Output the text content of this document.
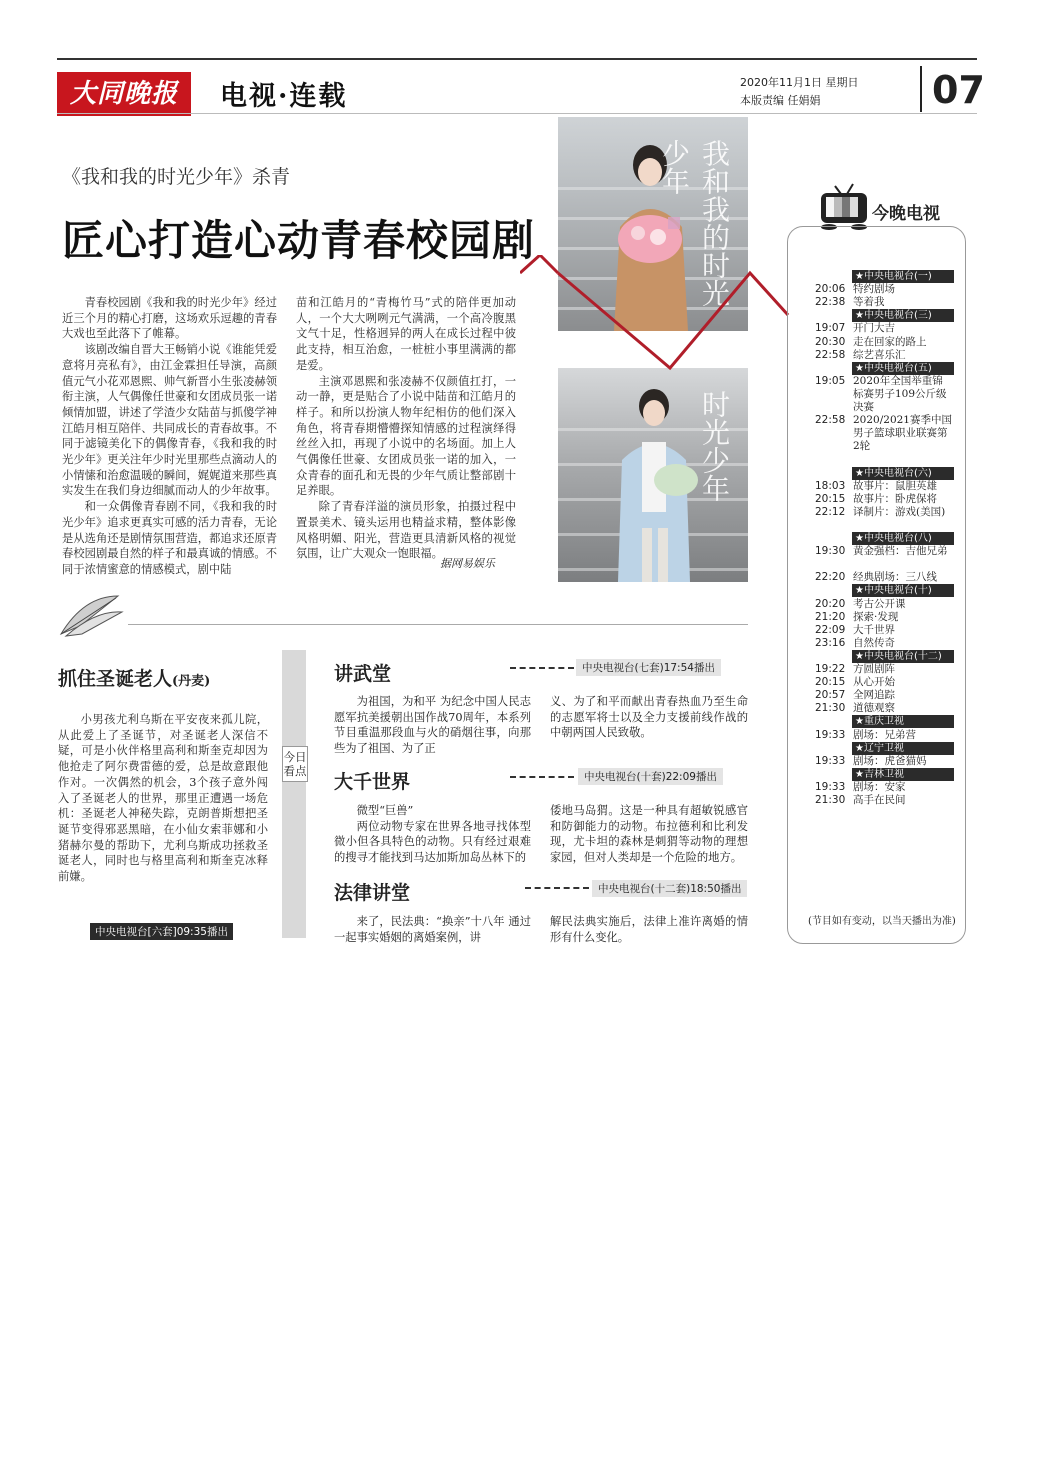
大同晚报	电视·连载	2020年11月1日 星期日
本版责编 任娟娟	07
《我和我的时光少年》杀青
匠心打造心动青春校园剧

青春校园剧《我和我的时光少年》经过近三个月的精心打磨，这场欢乐逗趣的青春大戏也至此落下了帷幕。

该剧改编自晋大王畅销小说《谁能凭爱意将月亮私有》，由江金霖担任导演，高颜值元气小花邓恩熙、帅气新晋小生张凌赫领衔主演，人气偶像任世豪和女团成员张一诺倾情加盟，讲述了学渣少女陆苗与抓傻学神江皓月相互陪伴、共同成长的青春故事。不同于滤镜美化下的偶像青春，《我和我的时光少年》更关注年少时光里那些点滴动人的小情愫和治愈温暖的瞬间，娓娓道来那些真实发生在我们身边细腻而动人的少年故事。

和一众偶像青春剧不同，《我和我的时光少年》追求更真实可感的活力青春，无论是从选角还是剧情氛围营造，都追求还原青春校园剧最自然的样子和最真诚的情感。不同于浓情蜜意的情感模式，剧中陆

苗和江皓月的“青梅竹马”式的陪伴更加动人，一个大大咧咧元气满满，一个高冷腹黑文气十足，性格迥异的两人在成长过程中彼此支持，相互治愈，一桩桩小事里满满的都是爱。

主演邓恩熙和张凌赫不仅颜值扛打，一动一静，更是贴合了小说中陆苗和江皓月的样子。和所以扮演人物年纪相仿的他们深入角色，将青春期懵懵探知情感的过程演绎得丝丝入扣，再现了小说中的名场面。加上人气偶像任世豪、女团成员张一诺的加入，一众青春的面孔和无畏的少年气质让整部剧十足养眼。

除了青春洋溢的演员形象，拍摄过程中置景美术、镜头运用也精益求精，整体影像风格明媚、阳光，营造更具清新风格的视觉氛围，让广大观众一饱眼福。

据网易娱乐
我和我的时光少年
时光少年
抓住圣诞老人(丹麦)

小男孩尤利乌斯在平安夜来孤儿院，从此爱上了圣诞节，对圣诞老人深信不疑，可是小伙伴格里高利和斯奎克却因为他抢走了阿尔费雷德的爱，总是故意跟他作对。一次偶然的机会，3个孩子意外闯入了圣诞老人的世界，那里正遭遇一场危机：圣诞老人神秘失踪，克朗普斯想把圣诞节变得邪恶黑暗，在小仙女索菲娜和小猪赫尔曼的帮助下，尤利乌斯成功拯救圣诞老人，同时也与格里高利和斯奎克冰释前嫌。

中央电视台[六套]09:35播出
今日看点
讲武堂	中央电视台(七套)17:54播出

为祖国，为和平 为纪念中国人民志愿军抗美援朝出国作战70周年，本系列节目重温那段血与火的硝烟往事，向那些为了祖国、为了正

义、为了和平而献出青春热血乃至生命的志愿军将士以及全力支援前线作战的中朝两国人民致敬。

大千世界	中央电视台(十套)22:09播出

微型“巨兽”

两位动物专家在世界各地寻找体型微小但各具特色的动物。只有经过艰难的搜寻才能找到马达加斯加岛丛林下的

倭地马岛猬。这是一种具有超敏锐感官和防御能力的动物。布拉德利和比利发现，尤卡坦的森林是刺猬等动物的理想家园，但对人类却是一个危险的地方。

法律讲堂	中央电视台(十二套)18:50播出

来了，民法典：“换亲”十八年 通过一起事实婚姻的离婚案例，讲

解民法典实施后，法律上准许离婚的情形有什么变化。

今晚电视
★中央电视台(一)
20:06 特约剧场
22:38 等着我
★中央电视台(三)
19:07 开门大吉
20:30 走在回家的路上
22:58 综艺喜乐汇
★中央电视台(五)
19:05 2020年全国举重锦标赛男子109公斤级决赛
22:58 2020/2021赛季中国男子篮球职业联赛第2轮
★中央电视台(六)
18:03 故事片：鼠胆英雄
20:15 故事片：卧虎保将
22:12 译制片：游戏(美国)
★中央电视台(八)
19:30 黄金强档：吉他兄弟
22:20 经典剧场：三八线
★中央电视台(十)
20:20 考古公开课
21:20 探索·发现
22:09 大千世界
23:16 自然传奇
★中央电视台(十二)
19:22 方圆剧阵
20:15 从心开始
20:57 全网追踪
21:30 道德观察
★重庆卫视
19:33 剧场：兄弟营
★辽宁卫视
19:33 剧场：虎爸猫妈
★吉林卫视
19:33 剧场：安家
21:30 高手在民间
(节目如有变动，以当天播出为准)
